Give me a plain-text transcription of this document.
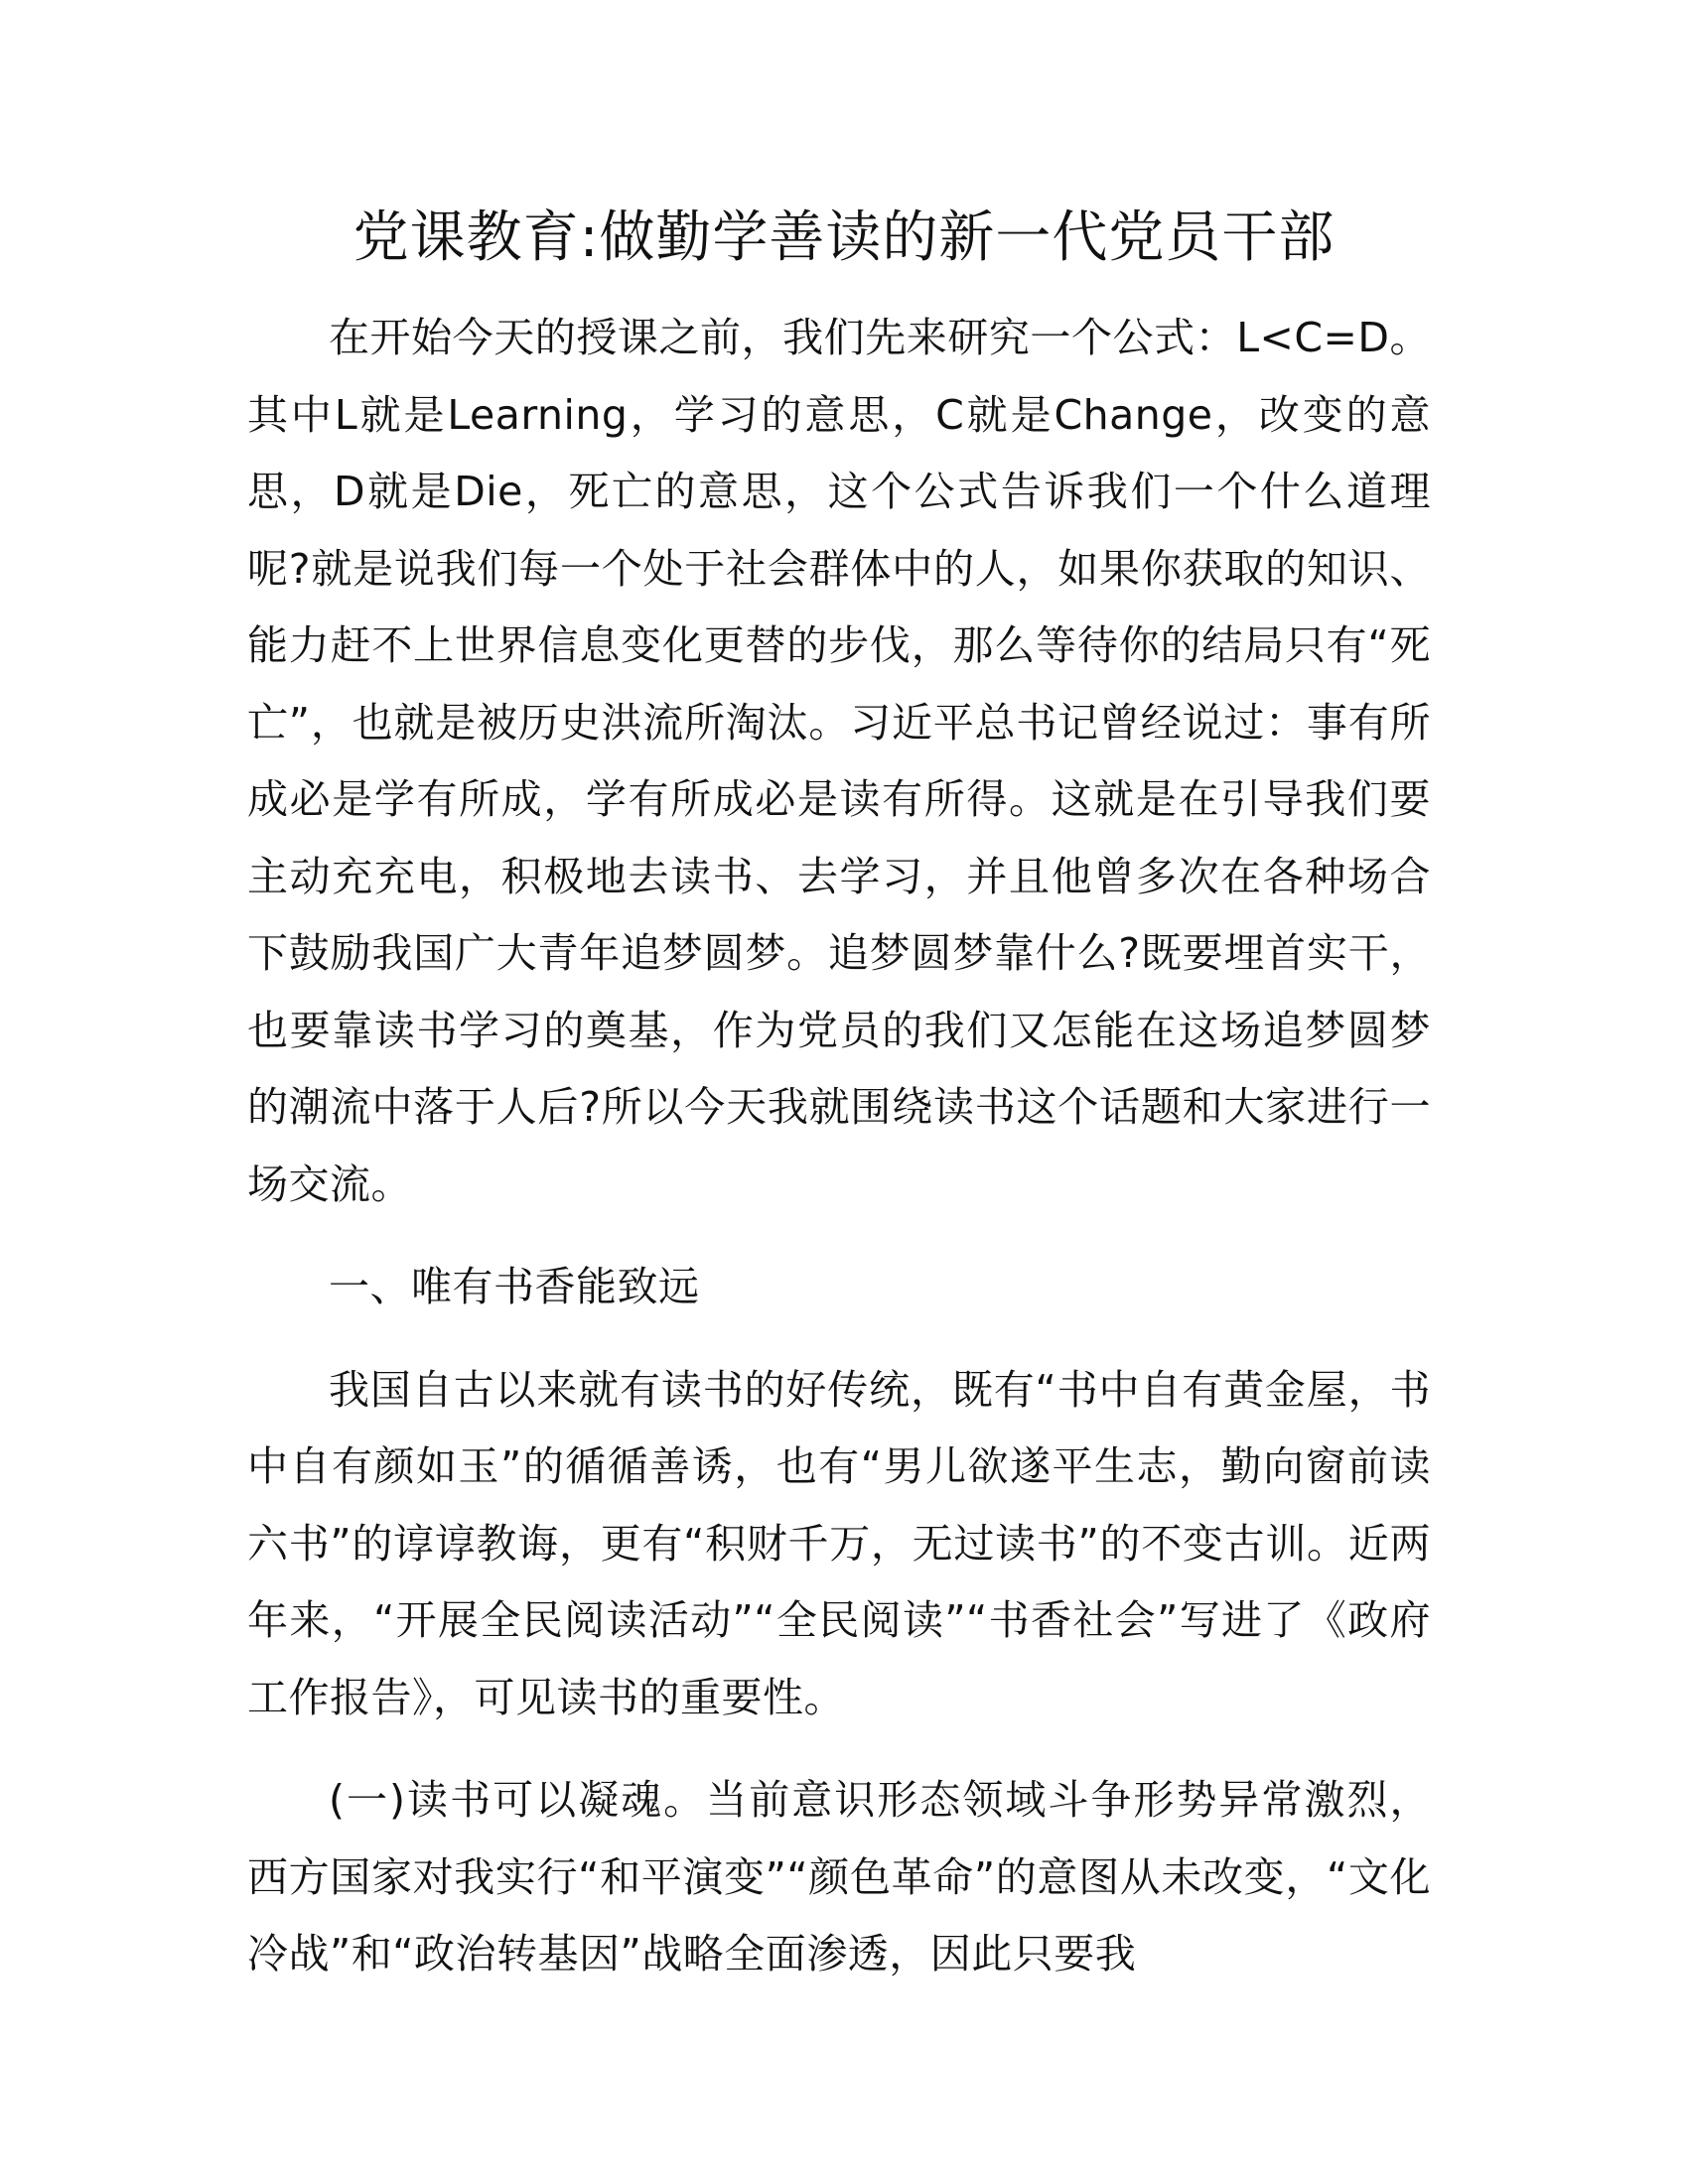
党课教育:做勤学善读的新一代党员干部

在开始今天的授课之前，我们先来研究一个公式：L<C=D。其中L就是Learning，学习的意思，C就是Change，改变的意思，D就是Die，死亡的意思，这个公式告诉我们一个什么道理呢?就是说我们每一个处于社会群体中的人，如果你获取的知识、能力赶不上世界信息变化更替的步伐，那么等待你的结局只有“死亡”，也就是被历史洪流所淘汰。习近平总书记曾经说过：事有所成必是学有所成，学有所成必是读有所得。这就是在引导我们要主动充充电，积极地去读书、去学习，并且他曾多次在各种场合下鼓励我国广大青年追梦圆梦。追梦圆梦靠什么?既要埋首实干，也要靠读书学习的奠基，作为党员的我们又怎能在这场追梦圆梦的潮流中落于人后?所以今天我就围绕读书这个话题和大家进行一场交流。

一、唯有书香能致远

我国自古以来就有读书的好传统，既有“书中自有黄金屋，书中自有颜如玉”的循循善诱，也有“男儿欲遂平生志，勤向窗前读六书”的谆谆教诲，更有“积财千万，无过读书”的不变古训。近两年来，“开展全民阅读活动”“全民阅读”“书香社会”写进了《政府工作报告》，可见读书的重要性。

(一)读书可以凝魂。当前意识形态领域斗争形势异常激烈，西方国家对我实行“和平演变”“颜色革命”的意图从未改变，“文化冷战”和“政治转基因”战略全面渗透，因此只要我
